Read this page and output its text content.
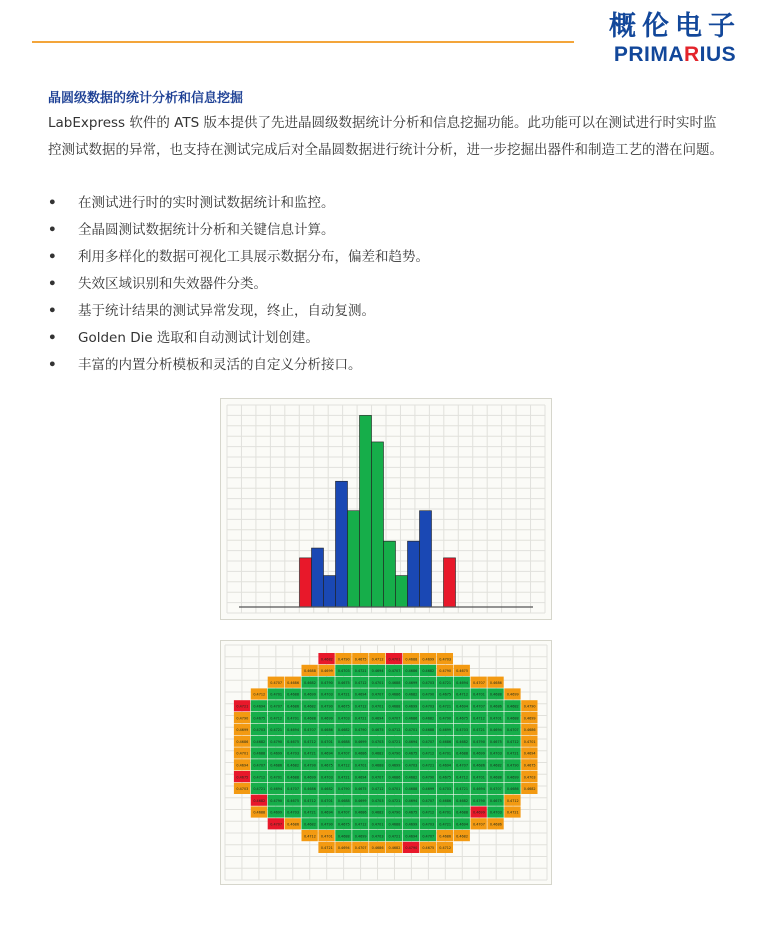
概伦电子
PRIMARIUS
晶圆级数据的统计分析和信息挖掘
LabExpress 软件的 ATS 版本提供了先进晶圆级数据统计分析和信息挖掘功能。此功能可以在测试进行时实时监控测试数据的异常，也支持在测试完成后对全晶圆数据进行统计分析，进一步挖掘出器件和制造工艺的潜在问题。
• 在测试进行时的实时测试数据统计和监控。
• 全晶圆测试数据统计分析和关键信息计算。
• 利用多样化的数据可视化工具展示数据分布，偏差和趋势。
• 失效区域识别和失效器件分类。
• 基于统计结果的测试异常发现，终止，自动复测。
• Golden Die 选取和自动测试计划创建。
• 丰富的内置分析模板和灵活的自定义分析接口。
0.4682 0.4790 0.4675 0.4712 0.4701 0.4688 0.4699 0.4703
0.4688 0.4699 0.4703 0.4721 0.4694 0.4707 0.4686 0.4682 0.4790 0.4675
0.4707 0.4686 0.4682 0.4790 0.4675 0.4712 0.4701 0.4688 0.4699 0.4703 0.4721 0.4694 0.4707 0.4686
0.4712 0.4701 0.4688 0.4699 0.4703 0.4721 0.4694 0.4707 0.4686 0.4682 0.4790 0.4675 0.4712 0.4701 0.4688 0.4699
0.4721 0.4694 0.4707 0.4686 0.4682 0.4790 0.4675 0.4712 0.4701 0.4688 0.4699 0.4703 0.4721 0.4694 0.4707 0.4686 0.4682 0.4790
0.4790 0.4675 0.4712 0.4701 0.4688 0.4699 0.4703 0.4721 0.4694 0.4707 0.4686 0.4682 0.4790 0.4675 0.4712 0.4701 0.4688 0.4699
0.4699 0.4703 0.4721 0.4694 0.4707 0.4686 0.4682 0.4790 0.4675 0.4712 0.4701 0.4688 0.4699 0.4703 0.4721 0.4694 0.4707 0.4686
0.4686 0.4682 0.4790 0.4675 0.4712 0.4701 0.4688 0.4699 0.4703 0.4721 0.4694 0.4707 0.4686 0.4682 0.4790 0.4675 0.4712 0.4701
0.4701 0.4688 0.4699 0.4703 0.4721 0.4694 0.4707 0.4686 0.4682 0.4790 0.4675 0.4712 0.4701 0.4688 0.4699 0.4703 0.4721 0.4694
0.4694 0.4707 0.4686 0.4682 0.4790 0.4675 0.4712 0.4701 0.4688 0.4699 0.4703 0.4721 0.4694 0.4707 0.4686 0.4682 0.4790 0.4675
0.4675 0.4712 0.4701 0.4688 0.4699 0.4703 0.4721 0.4694 0.4707 0.4686 0.4682 0.4790 0.4675 0.4712 0.4701 0.4688 0.4699 0.4703
0.4703 0.4721 0.4694 0.4707 0.4686 0.4682 0.4790 0.4675 0.4712 0.4701 0.4688 0.4699 0.4703 0.4721 0.4694 0.4707 0.4686 0.4682
0.4682 0.4790 0.4675 0.4712 0.4701 0.4688 0.4699 0.4703 0.4721 0.4694 0.4707 0.4686 0.4682 0.4790 0.4675 0.4712
0.4688 0.4699 0.4703 0.4721 0.4694 0.4707 0.4686 0.4682 0.4790 0.4675 0.4712 0.4701 0.4688 0.4699 0.4703 0.4721
0.4707 0.4686 0.4682 0.4790 0.4675 0.4712 0.4701 0.4688 0.4699 0.4703 0.4721 0.4694 0.4707 0.4686
0.4712 0.4701 0.4688 0.4699 0.4703 0.4721 0.4694 0.4707 0.4686 0.4682
0.4721 0.4694 0.4707 0.4686 0.4682 0.4790 0.4675 0.4712
